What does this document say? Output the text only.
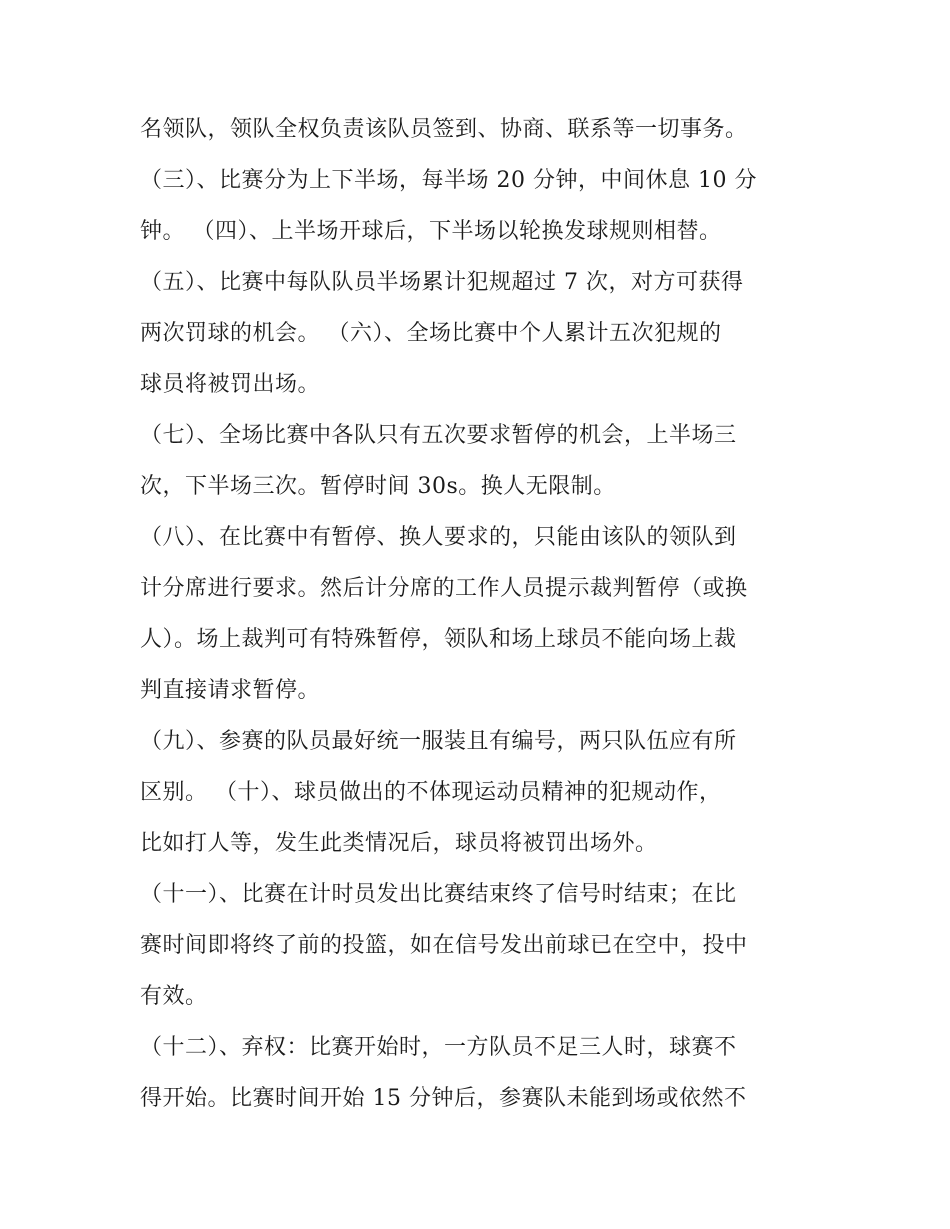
名领队，领队全权负责该队员签到、协商、联系等一切事务。
（三）、比赛分为上下半场，每半场 20 分钟，中间休息 10 分
钟。 （四）、上半场开球后，下半场以轮换发球规则相替。
（五）、比赛中每队队员半场累计犯规超过 7 次，对方可获得
两次罚球的机会。 （六）、全场比赛中个人累计五次犯规的
球员将被罚出场。
（七）、全场比赛中各队只有五次要求暂停的机会，上半场三
次，下半场三次。暂停时间 30s。换人无限制。
（八）、在比赛中有暂停、换人要求的，只能由该队的领队到
计分席进行要求。然后计分席的工作人员提示裁判暂停（或换
人）。场上裁判可有特殊暂停，领队和场上球员不能向场上裁
判直接请求暂停。
（九）、参赛的队员最好统一服装且有编号，两只队伍应有所
区别。 （十）、球员做出的不体现运动员精神的犯规动作，
比如打人等，发生此类情况后，球员将被罚出场外。
（十一）、比赛在计时员发出比赛结束终了信号时结束；在比
赛时间即将终了前的投篮，如在信号发出前球已在空中，投中
有效。
（十二）、弃权：比赛开始时，一方队员不足三人时，球赛不
得开始。比赛时间开始 15 分钟后，参赛队未能到场或依然不
